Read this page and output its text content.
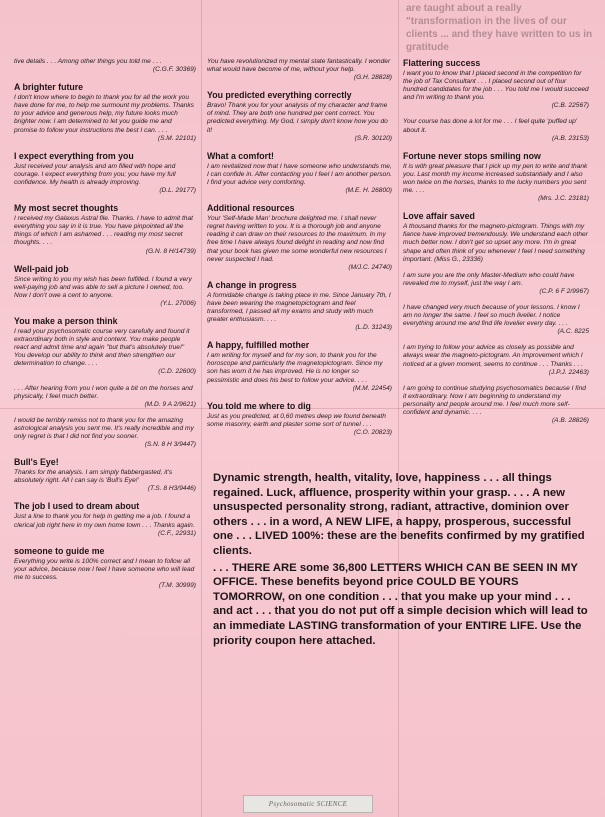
are taught about a really "transformation in the lives of our clients ... and they have written to us in gratitude

tive details . . . Among other things you told me . . .
(C.G.F. 30369)

A brighter future

I don't know where to begin to thank you for all the work you have done for me, to help me surmount my problems. Thanks to your advice and generous help, my future looks much brighter now. I am determined to let you guide me and promise to follow your instructions the best I can. . . .
(S.M. 22101)

I expect everything from you

Just received your analysis and am filled with hope and courage. I expect everything from you; you have my full confidence. My health is already improving.
(D.L. 29177)

My most secret thoughts

I received my Galaxus Astral file. Thanks. I have to admit that everything you say in it is true. You have pinpointed all the things of which I am ashamed . . . reading my most secret thoughts. . . .
(G.N. 8 H/14739)

Well-paid job

Since writing to you my wish has been fulfilled. I found a very well-paying job and was able to sell a picture I owned, too. Now I don't owe a cent to anyone.
(Y.L. 27006)

You make a person think

I read your psychosomatic course very carefully and found it extraordinary both in style and content. You make people react and admit time and again "but that's absolutely true!" You develop our ability to think and then strengthen our determination to change. . . .
(C.D. 22600)

. . . After hearing from you I won quite a bit on the horses and physically, I feel much better.
(M.D. 9 A 2/9621)

I would be terribly remiss not to thank you for the amazing astrological analysis you sent me. It's really incredible and my only regret is that I did not find you sooner.
(S.N. 8 H 3/9447)

Bull's Eye!

Thanks for the analysis. I am simply flabbergasted, it's absolutely right. All I can say is 'Bull's Eye!'
(T.S. 8 H3/9446)

The job I used to dream about

Just a line to thank you for help in getting me a job. I found a clerical job right here in my own home town . . . Thanks again.
(C.F., 22931)

someone to guide me

Everything you write is 100% correct and I mean to follow all your advice, because now I feel I have someone who will lead me to success.
(T.M. 30999)

You have revolutionized my mental state fantastically. I wonder what would have become of me, without your help.
(G.H. 28828)

You predicted everything correctly

Bravo! Thank you for your analysis of my character and frame of mind. They are both one hundred per cent correct. You predicted everything. My God, I simply don't know how you do it!
(S.R. 30120)

What a comfort!

I am revitalized now that I have someone who understands me, I can confide in. After contacting you I feel I am another person. I find your advice very comforting.
(M.E. H. 26800)

Additional resources

Your 'Self-Made Man' brochure delighted me. I shall never regret having written to you. It is a thorough job and anyone reading it can draw on their resources to the maximum. In my free time I have always found delight in reading and now find that your book has given me some wonderful new resources I never suspected I had.
(M/J.C. 24740)

A change in progress

A formidable change is taking place in me. Since January 7th, I have been wearing the magnetopictogram and feel transformed, I passed all my exams and study with much greater enthusiasm. . . .
(L.D. 31243)

A happy, fulfilled mother

I am writing for myself and for my son, to thank you for the horoscope and particularly the magnetopictogram. Since my son has worn it he has improved. He is no longer so pessimistic and does his best to follow your advice. . . .
(M.M. 22454)

You told me where to dig

Just as you predicted, at 0,60 metres deep we found beneath some masonry, earth and plaster some sort of tunnel . . .
(C.O. 20823)

Flattering success

I want you to know that I placed second in the competition for the job of Tax Consultant . . . I placed second out of four hundred candidates for the job . . . You told me I would succeed and I'm writing to thank you.
(C.B. 22567)

Your course has done a lot for me . . . I feel quite 'puffed up' about it.
(A.B. 23153)

Fortune never stops smiling now

It is with great pleasure that I pick up my pen to write and thank you. Last month my income increased substantially and I also won twice on the horses, thanks to the lucky numbers you sent me. . . .
(Mrs. J.C. 23181)

Love affair saved

A thousand thanks for the magneto-pictogram. Things with my fiance have improved tremendously. We understand each other much better now. I don't get so upset any more. I'm in great shape and often think of you whenever I feel I need something important. (Miss G., 23336)

I am sure you are the only Master-Medium who could have revealed me to myself, just the way I am.
(C.P. 6 F 2/9967)

I have changed very much because of your lessons. I know I am no longer the same. I feel so much livelier. I notice everything around me and find life lovelier every day. . . .
(A.C. 8225

I am trying to follow your advice as closely as possible and always wear the magneto-pictogram. An improvement which I noticed at a given moment, seems to continue . . . Thanks . . .
(J.P.J. 22463)

I am going to continue studying psychosomatics because I find it extraordinary. Now I am beginning to understand my personality and people around me. I feel much more self-confident and dynamic. . . .
(A.B. 28826)

Dynamic strength, health, vitality, love, happiness . . . all things regained. Luck, affluence, prosperity within your grasp. . . . A new unsuspected personality strong, radiant, attractive, dominion over others . . . in a word, A NEW LIFE, a happy, prosperous, successful one . . . LIVED 100%: these are the benefits confirmed by my gratified clients.

. . . THERE ARE some 36,800 LETTERS WHICH CAN BE SEEN IN MY OFFICE. These benefits beyond price COULD BE YOURS TOMORROW, on one condition . . . that you make up your mind . . . and act . . . that you do not put off a simple decision which will lead to an immediate LASTING transformation of your ENTIRE LIFE. Use the priority coupon here attached.

Psychosomatic SCIENCE
